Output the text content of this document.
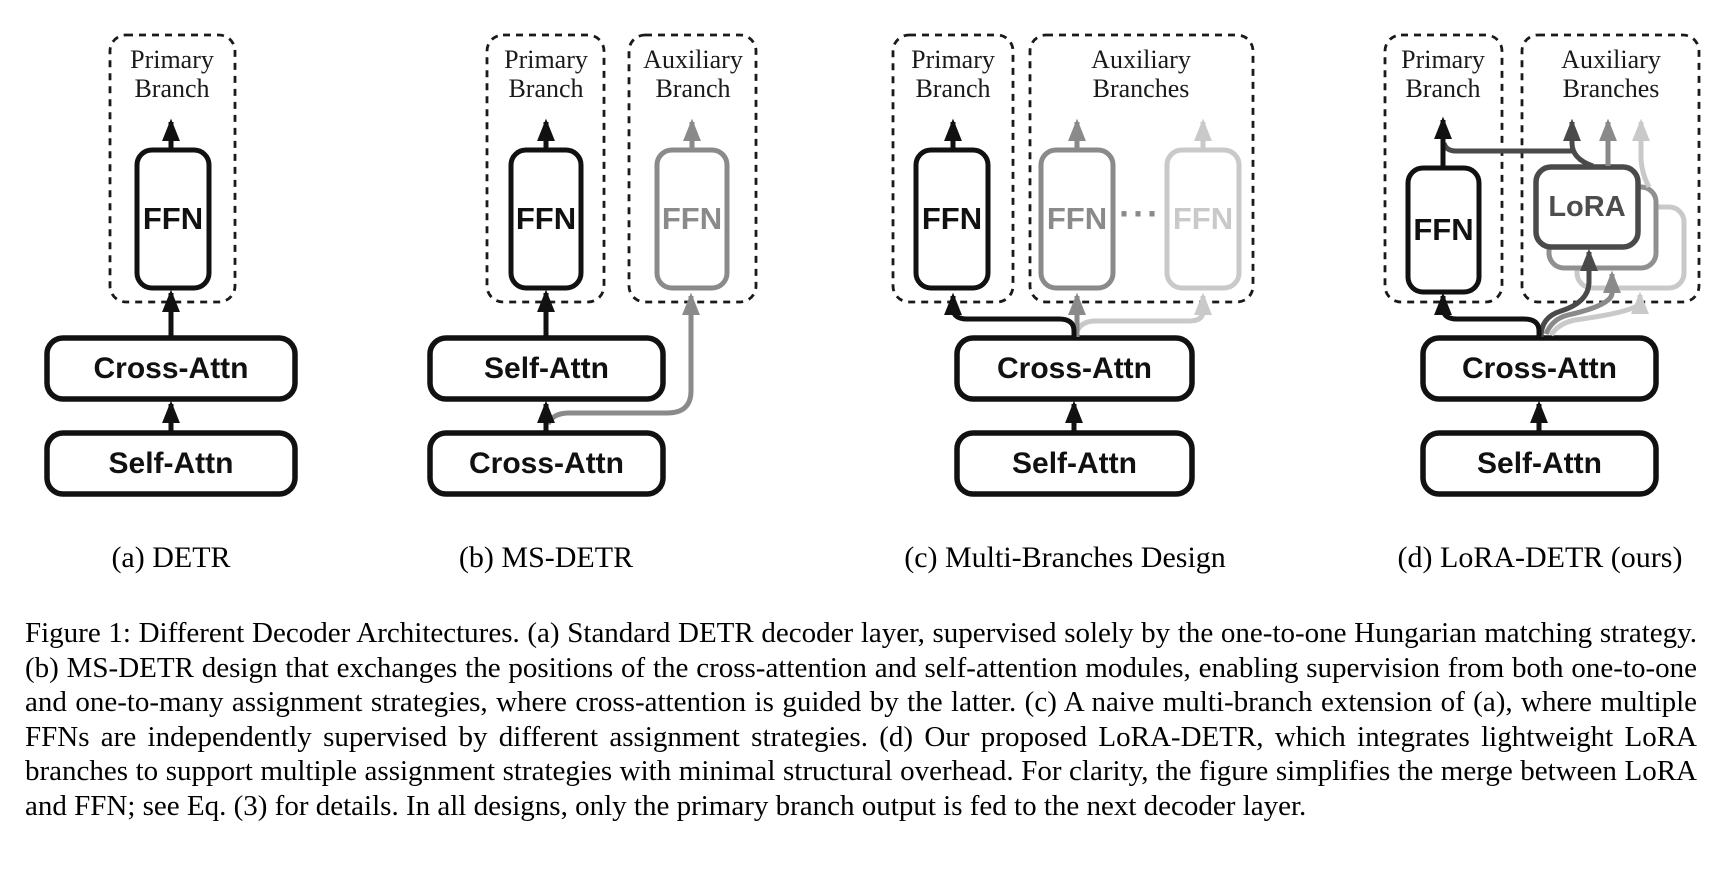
Primary Branch
Primary Branch
Auxiliary Branch
Primary Branch
Auxiliary Branches
Primary Branch
Auxiliary Branches
FFN
Cross-Attn
Self-Attn
FFN	FFN
Self-Attn
Cross-Attn
FFN FFN ··· FFN
Cross-Attn
Self-Attn
FFN
LoRA
Cross-Attn
Self-Attn
(a) DETR	(b) MS-DETR	(c) Multi-Branches Design	(d) LoRA-DETR (ours)
Figure 1: Different Decoder Architectures. (a) Standard DETR decoder layer, supervised solely by the one-to-one Hungarian matching strategy. (b) MS-DETR design that exchanges the positions of the cross-attention and self-attention modules, enabling supervision from both one-to-one and one-to-many assignment strategies, where cross-attention is guided by the latter. (c) A naive multi-branch extension of (a), where multiple FFNs are independently supervised by different assignment strategies. (d) Our proposed LoRA-DETR, which integrates lightweight LoRA branches to support multiple assignment strategies with minimal structural overhead. For clarity, the figure simplifies the merge between LoRA and FFN; see Eq. (3) for details. In all designs, only the primary branch output is fed to the next decoder layer.
